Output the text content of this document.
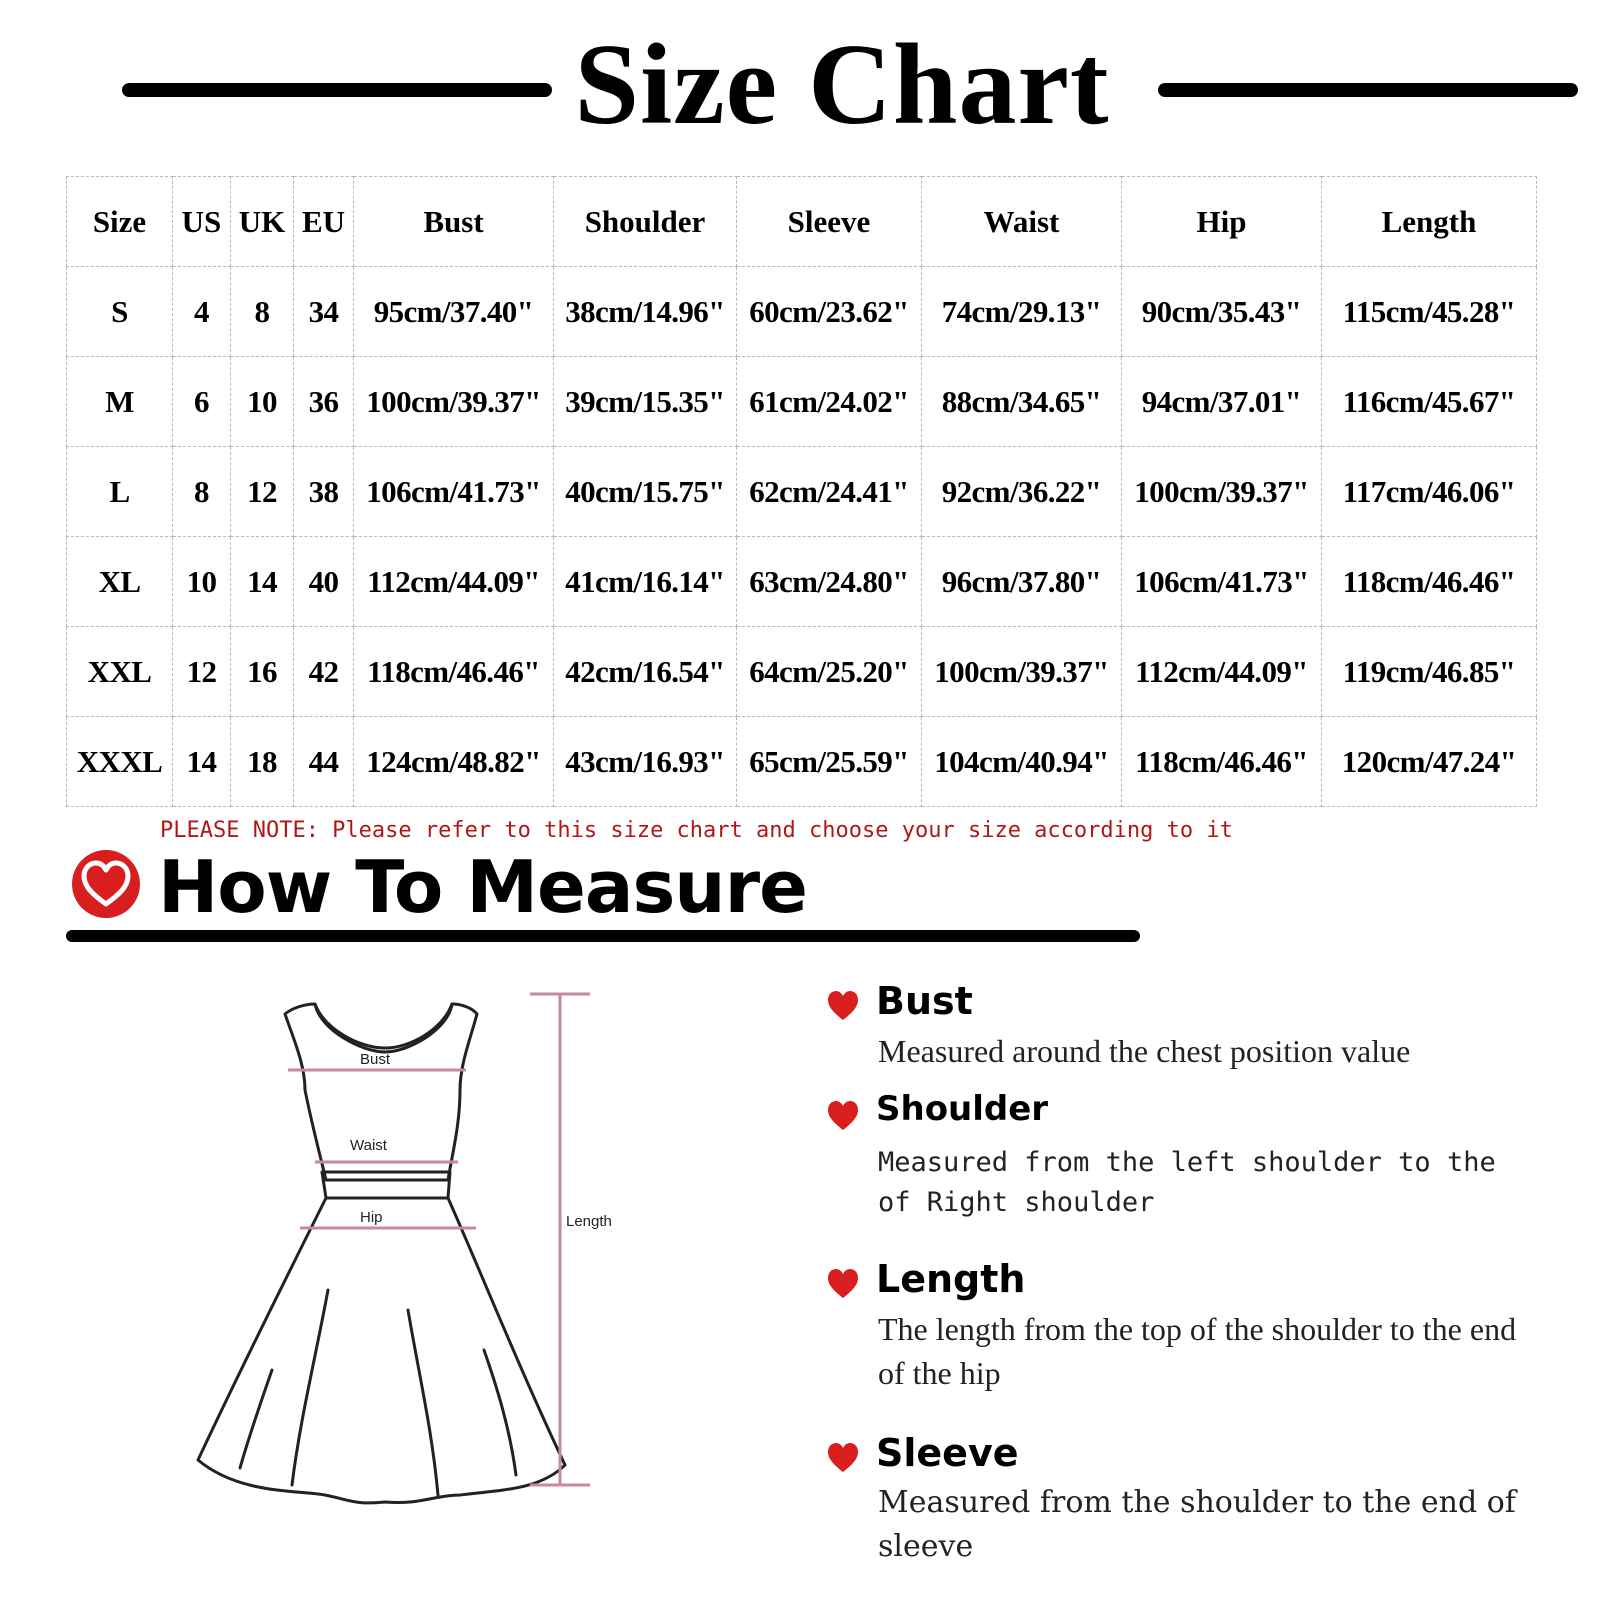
Size Chart
Size	US	UK	EU	Bust	Shoulder	Sleeve	Waist	Hip	Length
S	4	8	34	95cm/37.40"	38cm/14.96"	60cm/23.62"	74cm/29.13"	90cm/35.43"	115cm/45.28"
M	6	10	36	100cm/39.37"	39cm/15.35"	61cm/24.02"	88cm/34.65"	94cm/37.01"	116cm/45.67"
L	8	12	38	106cm/41.73"	40cm/15.75"	62cm/24.41"	92cm/36.22"	100cm/39.37"	117cm/46.06"
XL	10	14	40	112cm/44.09"	41cm/16.14"	63cm/24.80"	96cm/37.80"	106cm/41.73"	118cm/46.46"
XXL	12	16	42	118cm/46.46"	42cm/16.54"	64cm/25.20"	100cm/39.37"	112cm/44.09"	119cm/46.85"
XXXL	14	18	44	124cm/48.82"	43cm/16.93"	65cm/25.59"	104cm/40.94"	118cm/46.46"	120cm/47.24"
PLEASE NOTE: Please refer to this size chart and choose your size according to it
How To Measure
Bust
Waist
Hip	Length
Bust
Measured around the chest position value
Shoulder
Measured from the left shoulder to the of Right shoulder
Length
The length from the top of the shoulder to the end of the hip
Sleeve
Measured from the shoulder to the end of sleeve
